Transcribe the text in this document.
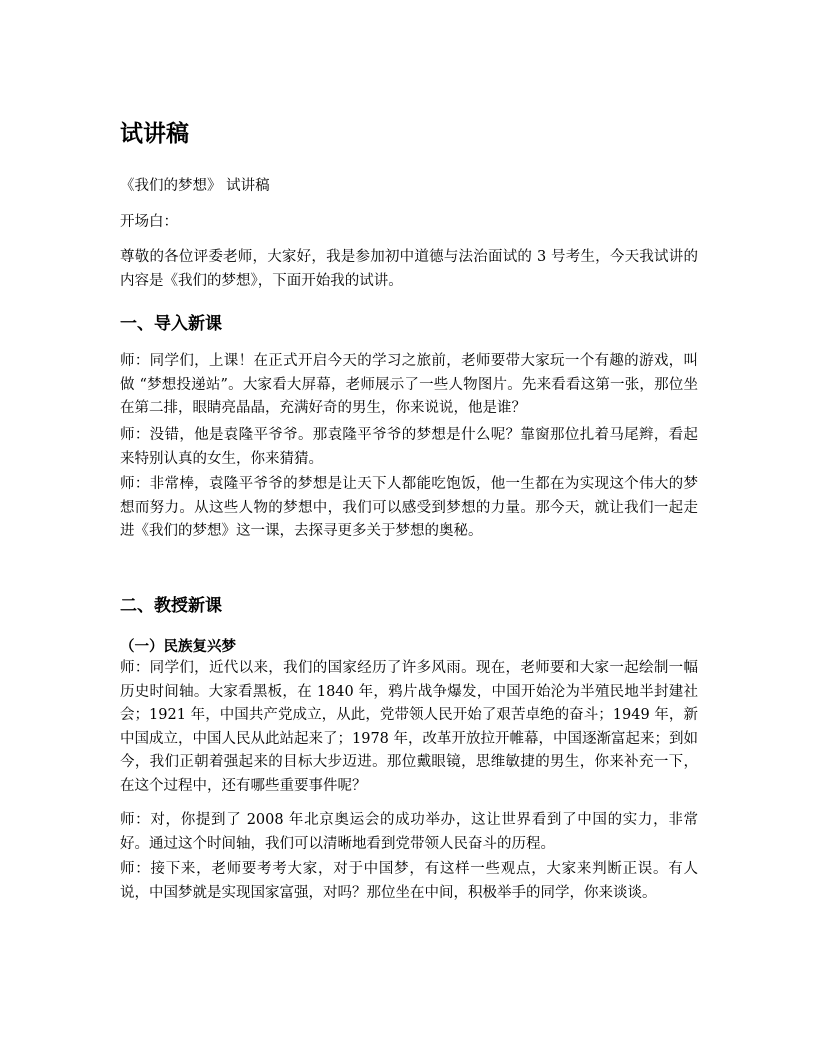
试讲稿

《我们的梦想》 试讲稿

开场白：

尊敬的各位评委老师，大家好，我是参加初中道德与法治面试的 3 号考生，今天我试讲的内容是《我们的梦想》，下面开始我的试讲。

一、导入新课

师：同学们，上课！在正式开启今天的学习之旅前，老师要带大家玩一个有趣的游戏，叫做 “梦想投递站”。大家看大屏幕，老师展示了一些人物图片。先来看看这第一张，那位坐在第二排，眼睛亮晶晶，充满好奇的男生，你来说说，他是谁？

师：没错，他是袁隆平爷爷。那袁隆平爷爷的梦想是什么呢？靠窗那位扎着马尾辫，看起来特别认真的女生，你来猜猜。

师：非常棒，袁隆平爷爷的梦想是让天下人都能吃饱饭，他一生都在为实现这个伟大的梦想而努力。从这些人物的梦想中，我们可以感受到梦想的力量。那今天，就让我们一起走进《我们的梦想》这一课，去探寻更多关于梦想的奥秘。

二、教授新课
（一）民族复兴梦

师：同学们，近代以来，我们的国家经历了许多风雨。现在，老师要和大家一起绘制一幅历史时间轴。大家看黑板，在 1840 年，鸦片战争爆发，中国开始沦为半殖民地半封建社会；1921 年，中国共产党成立，从此，党带领人民开始了艰苦卓绝的奋斗；1949 年，新中国成立，中国人民从此站起来了；1978 年，改革开放拉开帷幕，中国逐渐富起来；到如今，我们正朝着强起来的目标大步迈进。那位戴眼镜，思维敏捷的男生，你来补充一下，在这个过程中，还有哪些重要事件呢？

师：对，你提到了 2008 年北京奥运会的成功举办，这让世界看到了中国的实力，非常好。通过这个时间轴，我们可以清晰地看到党带领人民奋斗的历程。

师：接下来，老师要考考大家，对于中国梦，有这样一些观点，大家来判断正误。有人说，中国梦就是实现国家富强，对吗？那位坐在中间，积极举手的同学，你来谈谈。
